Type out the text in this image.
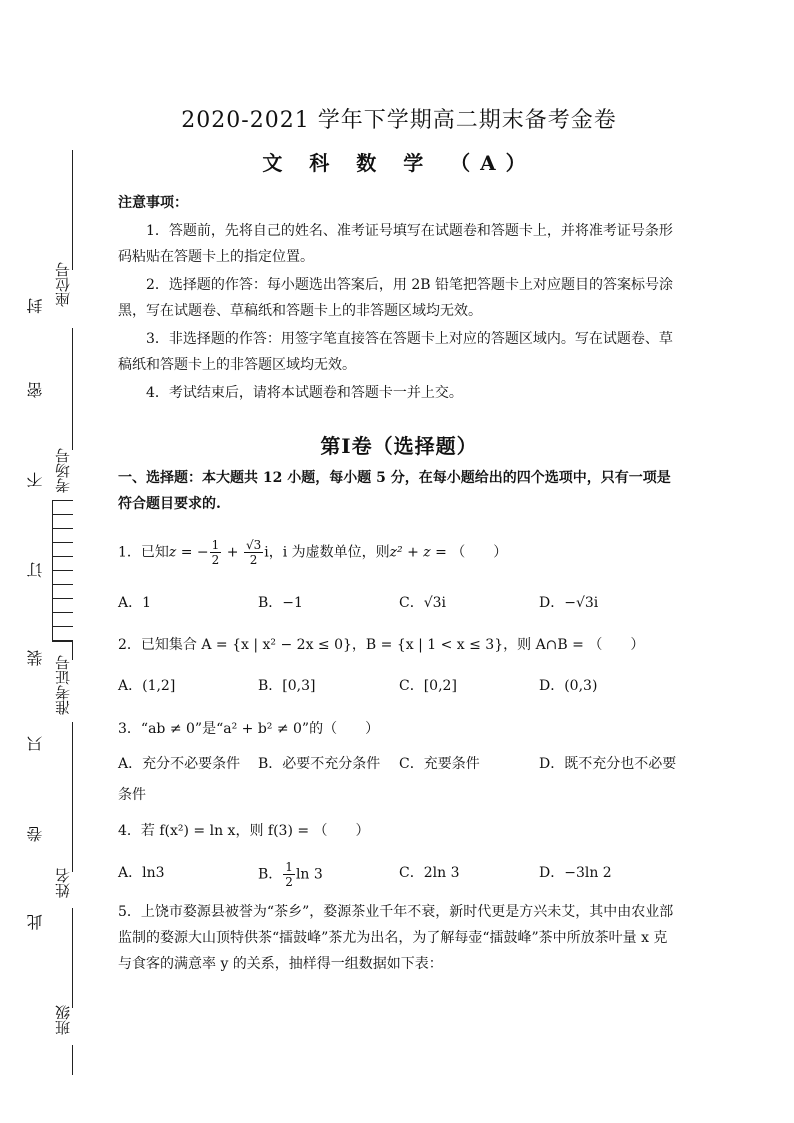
座位号
考场号
准考证号
姓名
班级
封
密
不
订
装
只
卷
此
2020-2021 学年下学期高二期末备考金卷
文 科 数 学 （A）
注意事项：
1．答题前，先将自己的姓名、准考证号填写在试题卷和答题卡上，并将准考证号条形码粘贴在答题卡上的指定位置。
2．选择题的作答：每小题选出答案后，用 2B 铅笔把答题卡上对应题目的答案标号涂黑，写在试题卷、草稿纸和答题卡上的非答题区域均无效。
3．非选择题的作答：用签字笔直接答在答题卡上对应的答题区域内。写在试题卷、草稿纸和答题卡上的非答题区域均无效。
4．考试结束后，请将本试题卷和答题卡一并上交。
第Ⅰ卷（选择题）
一、选择题：本大题共 12 小题，每小题 5 分，在每小题给出的四个选项中，只有一项是符合题目要求的.
1．已知z = − $\frac{1}{2} + \frac{√3}{2}$ i，i 为虚数单位，则z² + z = （　　）
A．1	B．−1	C．√3i	D．−√3i
2．已知集合 A = {x | x² − 2x ≤ 0}，B = {x | 1 < x ≤ 3}，则 A∩B = （　　）
A．(1,2]	B．[0,3]	C．[0,2]	D．(0,3)
3．“ab ≠ 0”是“a² + b² ≠ 0”的（　　）
A．充分不必要条件 B．必要不充分条件 C．充要条件	D．既不充分也不必要
条件
4．若 f(x²) = ln x，则 f(3) = （　　）
A．ln3	B． $\frac{1}{2}$ ln 3	C．2ln 3	D．−3ln 2
5．上饶市婺源县被誉为“茶乡”，婺源茶业千年不衰，新时代更是方兴未艾，其中由农业部监制的婺源大山顶特供茶“擂鼓峰”茶尤为出名，为了解每壶“擂鼓峰”茶中所放茶叶量 x 克与食客的满意率 y 的关系，抽样得一组数据如下表：
